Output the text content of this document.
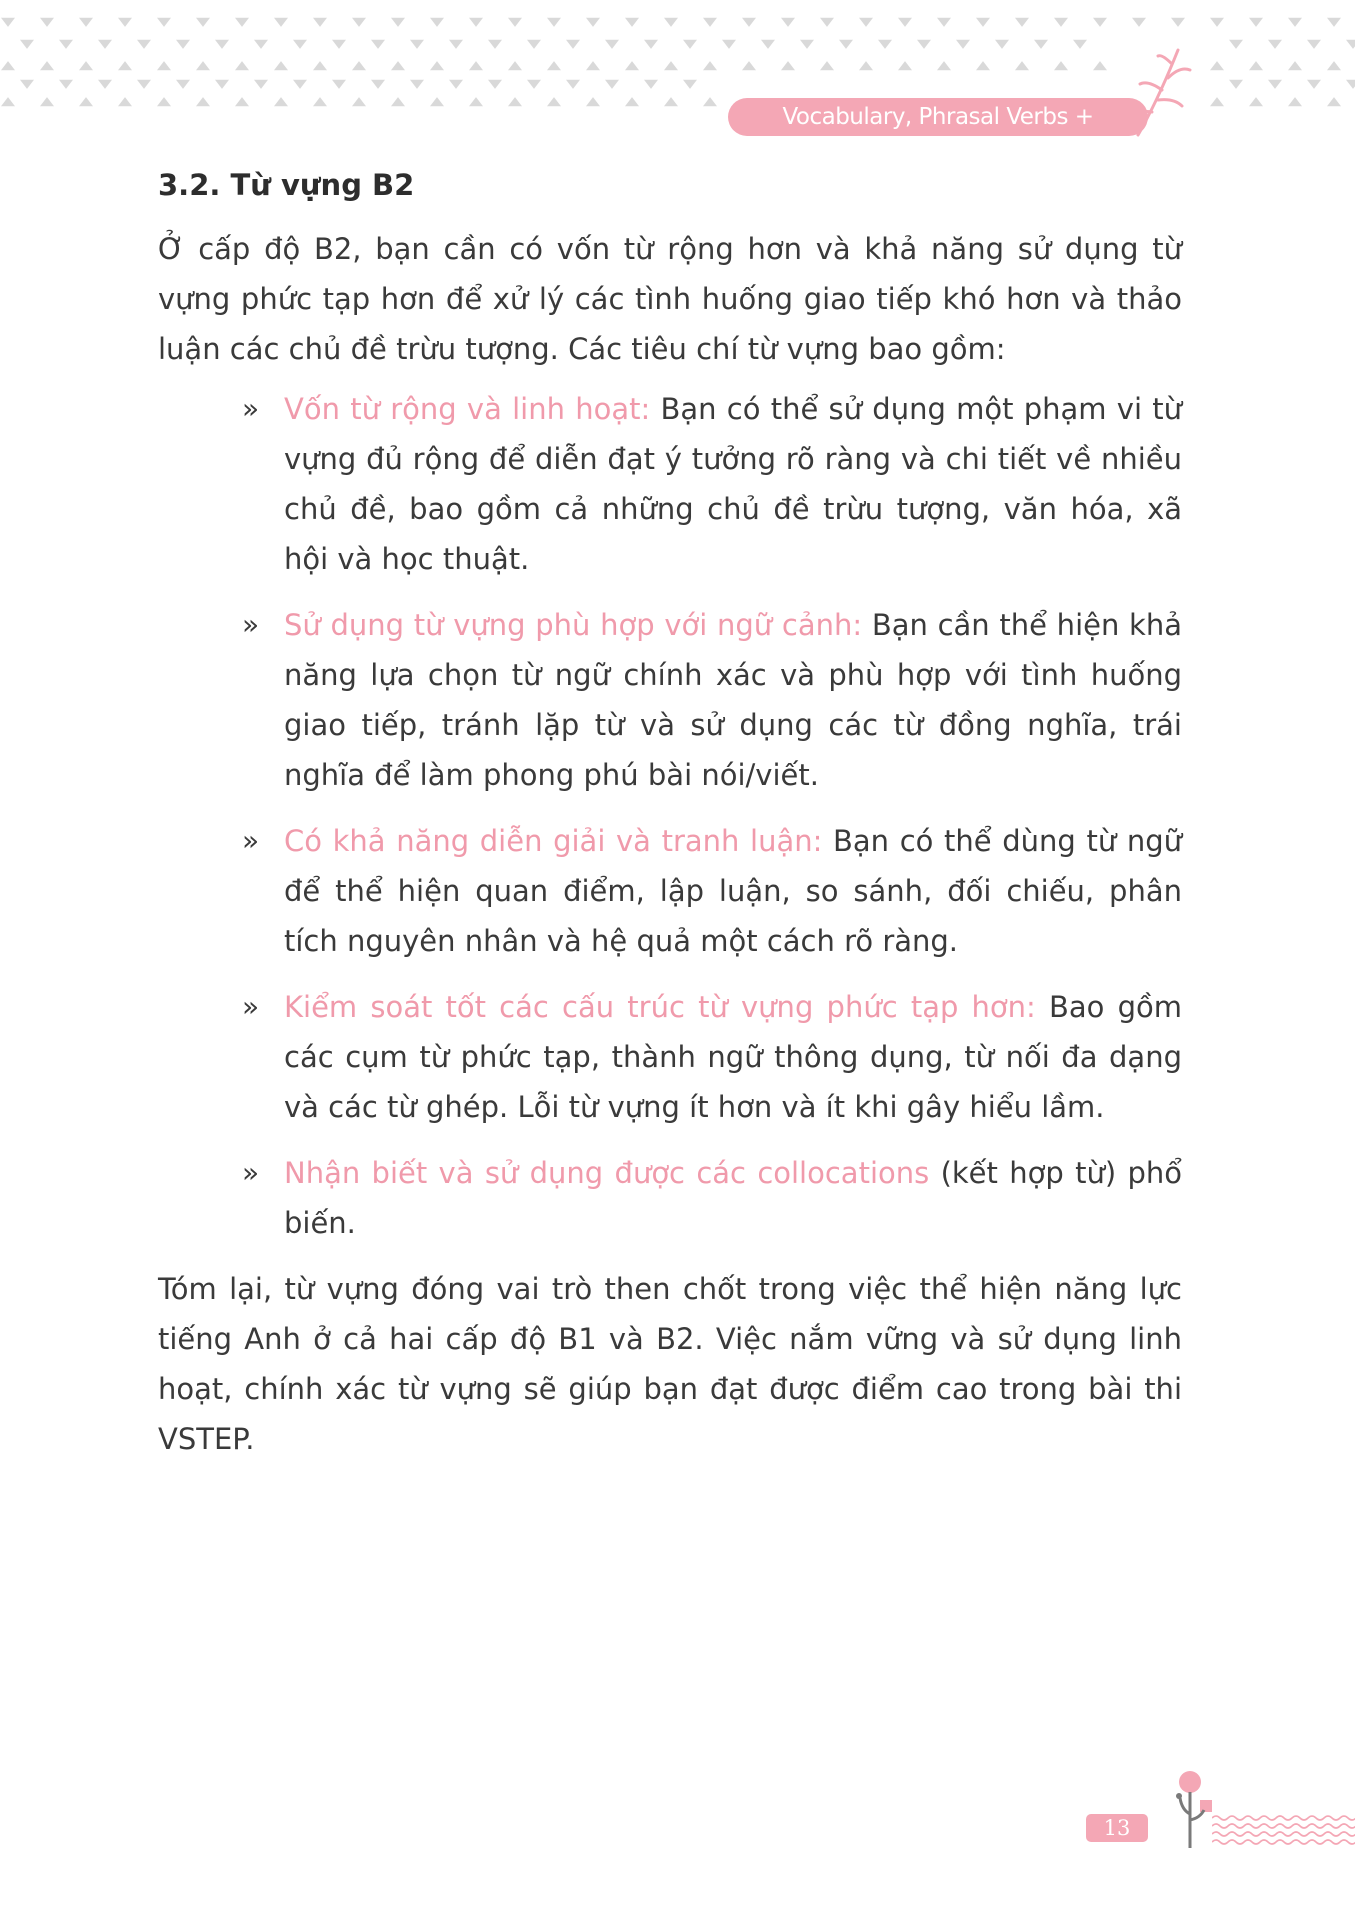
Vocabulary, Phrasal Verbs + Collocations
3.2. Từ vựng B2

Ở cấp độ B2, bạn cần có vốn từ rộng hơn và khả năng sử dụng từ vựng phức tạp hơn để xử lý các tình huống giao tiếp khó hơn và thảo luận các chủ đề trừu tượng. Các tiêu chí từ vựng bao gồm:

» Vốn từ rộng và linh hoạt: Bạn có thể sử dụng một phạm vi từ vựng đủ rộng để diễn đạt ý tưởng rõ ràng và chi tiết về nhiều chủ đề, bao gồm cả những chủ đề trừu tượng, văn hóa, xã hội và học thuật.
» Sử dụng từ vựng phù hợp với ngữ cảnh: Bạn cần thể hiện khả năng lựa chọn từ ngữ chính xác và phù hợp với tình huống giao tiếp, tránh lặp từ và sử dụng các từ đồng nghĩa, trái nghĩa để làm phong phú bài nói/viết.
» Có khả năng diễn giải và tranh luận: Bạn có thể dùng từ ngữ để thể hiện quan điểm, lập luận, so sánh, đối chiếu, phân tích nguyên nhân và hệ quả một cách rõ ràng.
» Kiểm soát tốt các cấu trúc từ vựng phức tạp hơn: Bao gồm các cụm từ phức tạp, thành ngữ thông dụng, từ nối đa dạng và các từ ghép. Lỗi từ vựng ít hơn và ít khi gây hiểu lầm.
» Nhận biết và sử dụng được các collocations (kết hợp từ) phổ biến.

Tóm lại, từ vựng đóng vai trò then chốt trong việc thể hiện năng lực tiếng Anh ở cả hai cấp độ B1 và B2. Việc nắm vững và sử dụng linh hoạt, chính xác từ vựng sẽ giúp bạn đạt được điểm cao trong bài thi VSTEP.

13
